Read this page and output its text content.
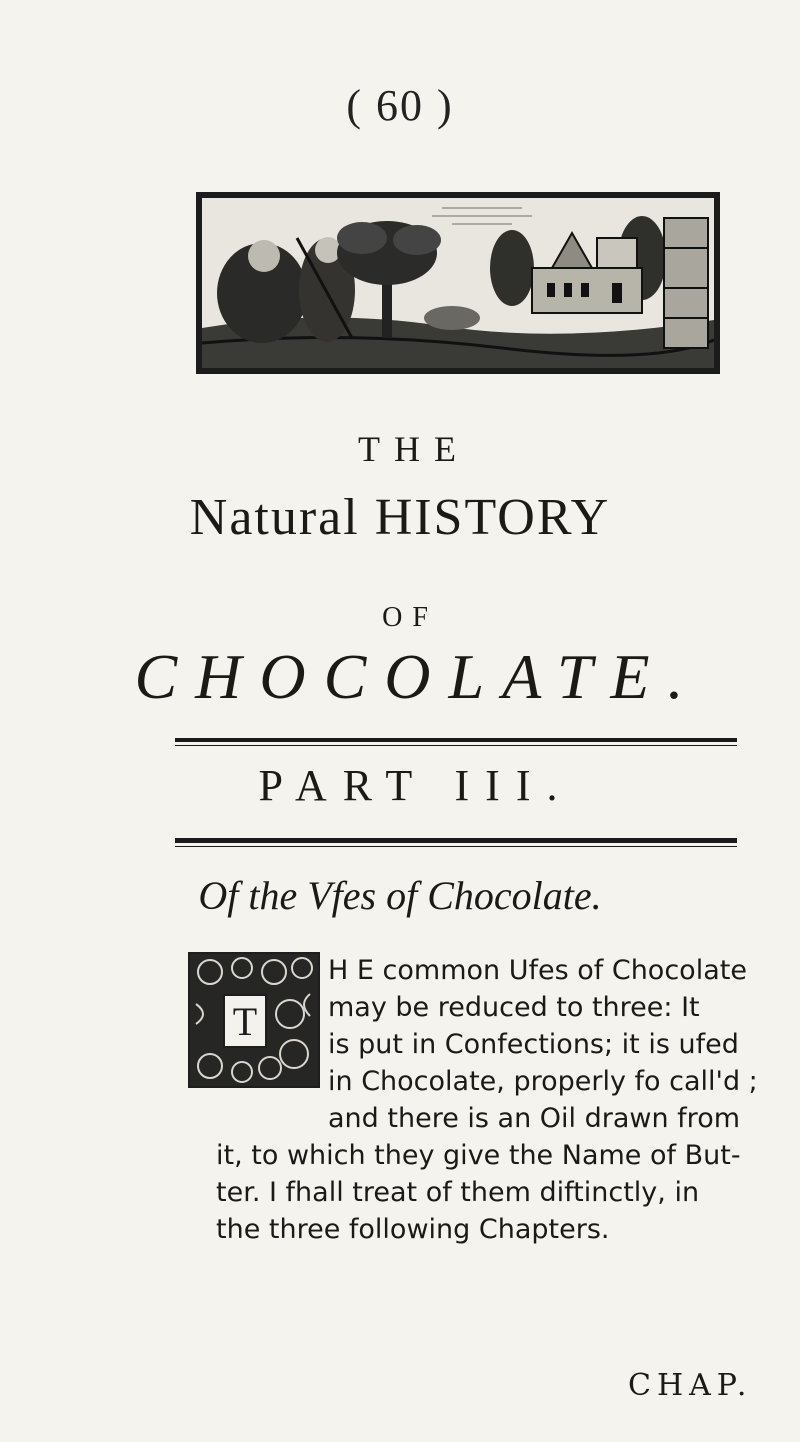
( 60 )
THE
Natural HISTORY
OF
CHOCOLATE.
PART III.
Of the Vfes of Chocolate.
T
H E common Ufes of Chocolate
may be reduced to three: It
is put in Confections; it is ufed
in Chocolate, properly fo call'd ;
and there is an Oil drawn from
it, to which they give the Name of But-
ter. I fhall treat of them diftinctly, in
the three following Chapters.
CHAP.
